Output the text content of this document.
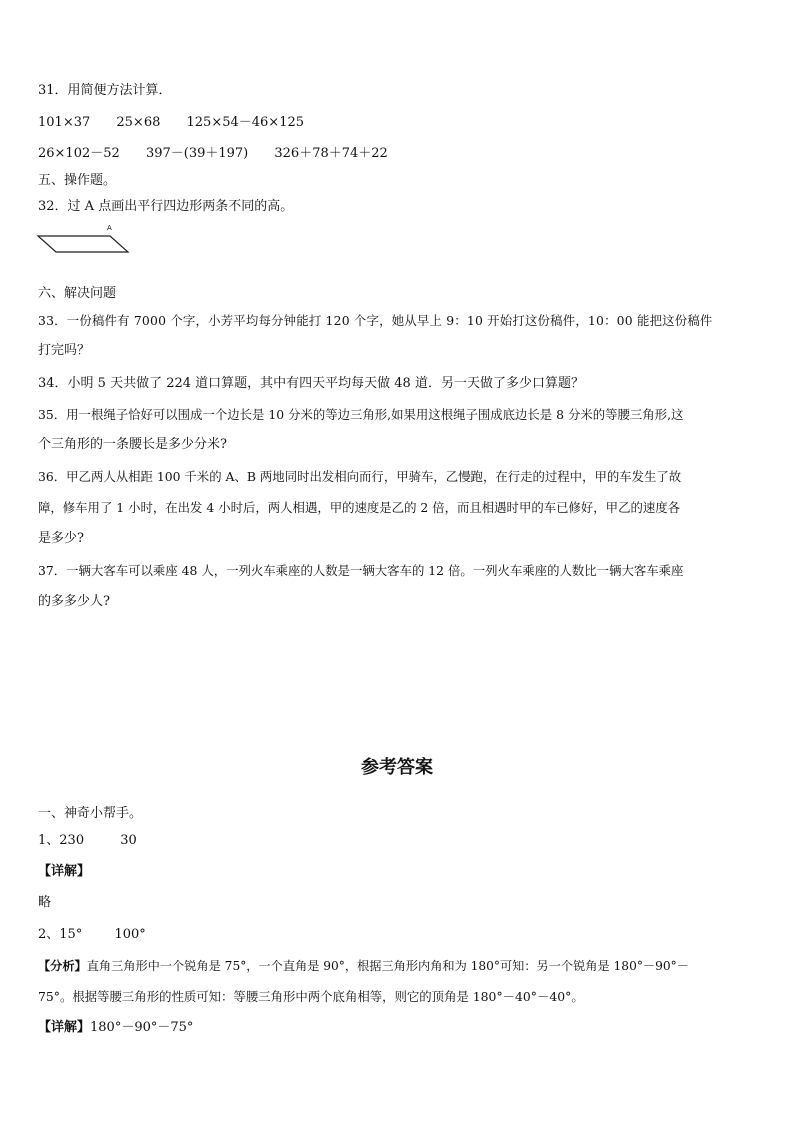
31．用简便方法计算．
101×37 25×68 125×54－46×125
26×102－52 397－(39＋197) 326＋78＋74＋22
五、操作题。
32．过 A 点画出平行四边形两条不同的高。
A
六、解决问题
33．一份稿件有 7000 个字，小芳平均每分钟能打 120 个字，她从早上 9：10 开始打这份稿件，10：00 能把这份稿件
打完吗？
34．小明 5 天共做了 224 道口算题，其中有四天平均每天做 48 道．另一天做了多少口算题？
35．用一根绳子恰好可以围成一个边长是 10 分米的等边三角形,如果用这根绳子围成底边长是 8 分米的等腰三角形,这
个三角形的一条腰长是多少分米?
36．甲乙两人从相距 100 千米的 A、B 两地同时出发相向而行，甲骑车，乙慢跑，在行走的过程中，甲的车发生了故
障，修车用了 1 小时，在出发 4 小时后，两人相遇，甲的速度是乙的 2 倍，而且相遇时甲的车已修好，甲乙的速度各
是多少?
37．一辆大客车可以乘座 48 人，一列火车乘座的人数是一辆大客车的 12 倍。一列火车乘座的人数比一辆大客车乘座
的多多少人?
参考答案
一、神奇小帮手。
1、230	30
【详解】
略
2、15° 100°
【分析】直角三角形中一个锐角是 75°，一个直角是 90°，根据三角形内角和为 180°可知：另一个锐角是 180°－90°－
75°。根据等腰三角形的性质可知：等腰三角形中两个底角相等，则它的顶角是 180°－40°－40°。
【详解】180°－90°－75°
